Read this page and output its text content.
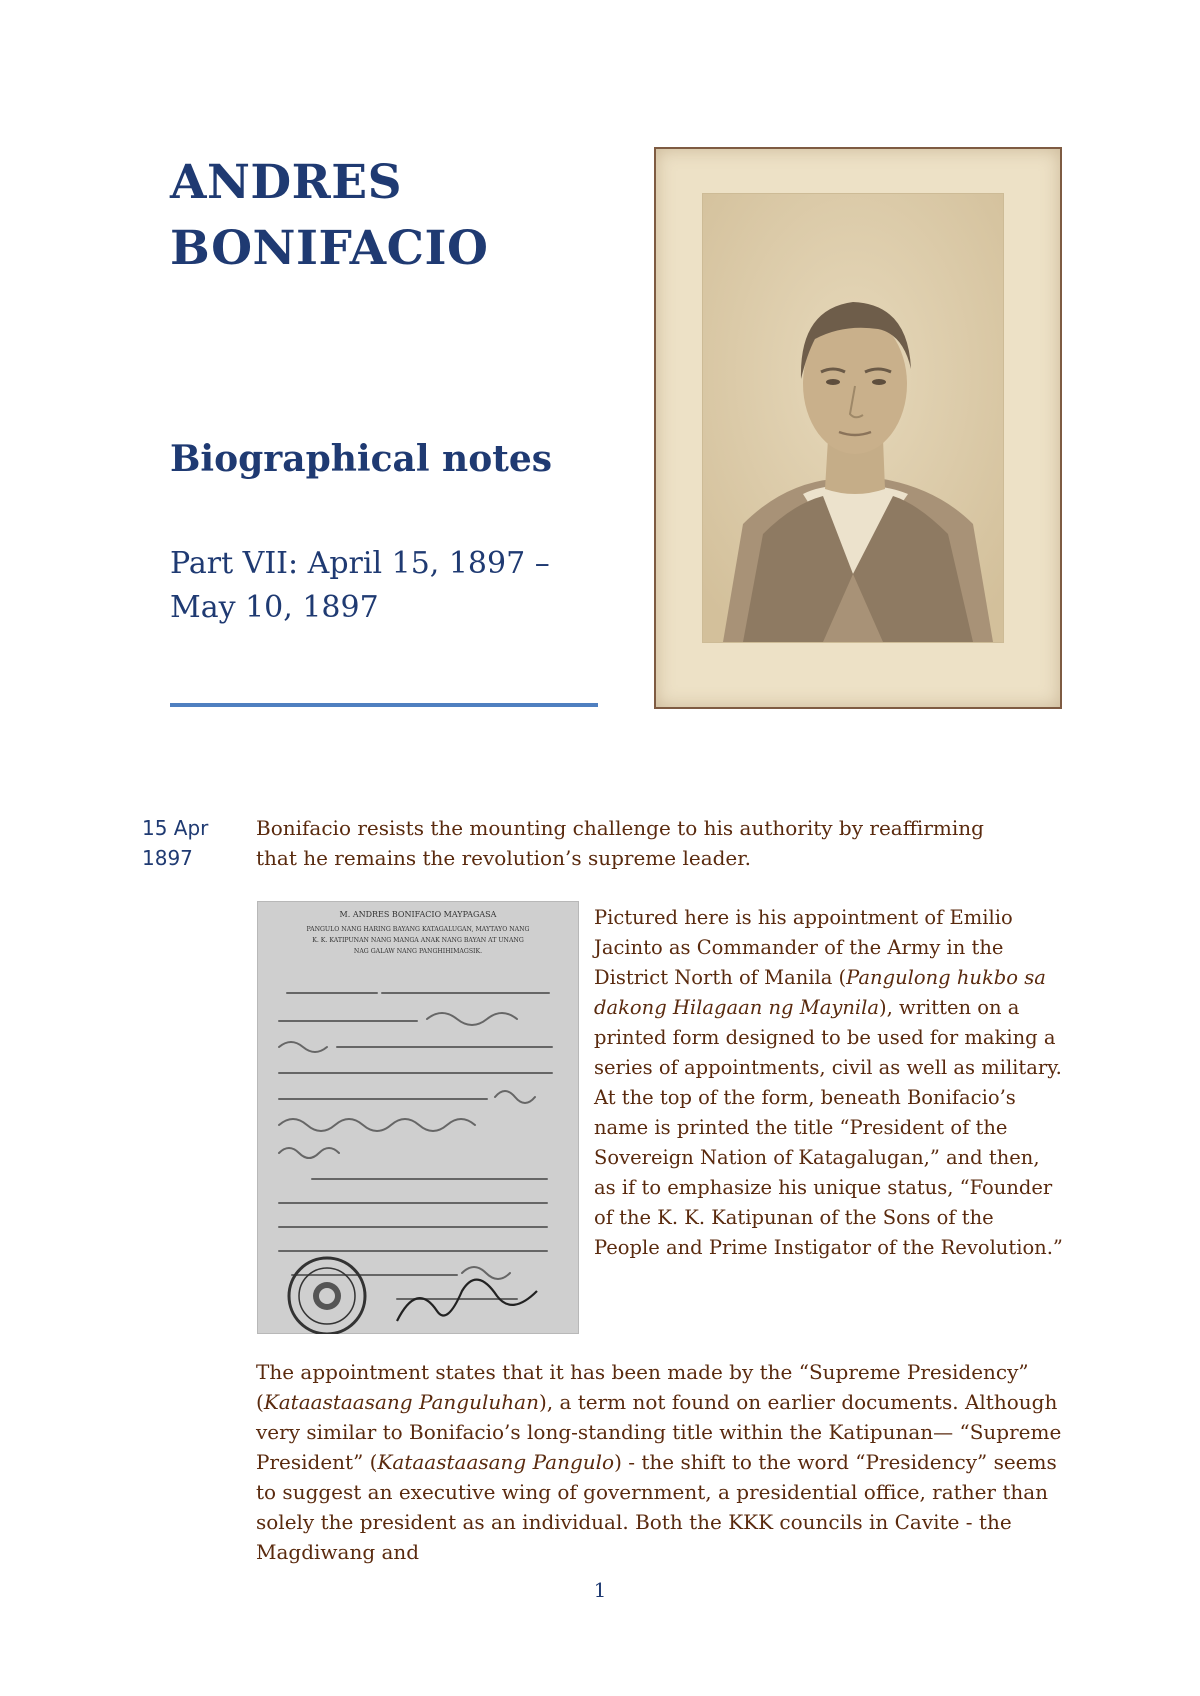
ANDRES
BONIFACIO
Biographical notes

Part VII: April 15, 1897 –
May 10, 1897

15 Apr
1897

Bonifacio resists the mounting challenge to his authority by reaffirming
that he remains the revolution’s supreme leader.

M. ANDRES BONIFACIO MAYPAGASA
PANGULO NANG HARING BAYANG KATAGALUGAN, MAYTAYO NANG
K. K. KATIPUNAN NANG MANGA ANAK NANG BAYAN AT UNANG
NAG GALAW NANG PANGHIHIMAGSIK.

Pictured here is his appointment of Emilio Jacinto as Commander of the Army in the District North of Manila (Pangulong hukbo sa dakong Hilagaan ng Maynila), written on a printed form designed to be used for making a series of appointments, civil as well as military. At the top of the form, beneath Bonifacio’s name is printed the title “President of the Sovereign Nation of Katagalugan,” and then, as if to emphasize his unique status, “Founder of the K. K. Katipunan of the Sons of the People and Prime Instigator of the Revolution.”

The appointment states that it has been made by the “Supreme Presidency” (Kataastaasang Panguluhan), a term not found on earlier documents. Although very similar to Bonifacio’s long-standing title within the Katipunan— “Supreme President” (Kataastaasang Pangulo) - the shift to the word “Presidency” seems to suggest an executive wing of government, a presidential office, rather than solely the president as an individual. Both the KKK councils in Cavite - the Magdiwang and

1
